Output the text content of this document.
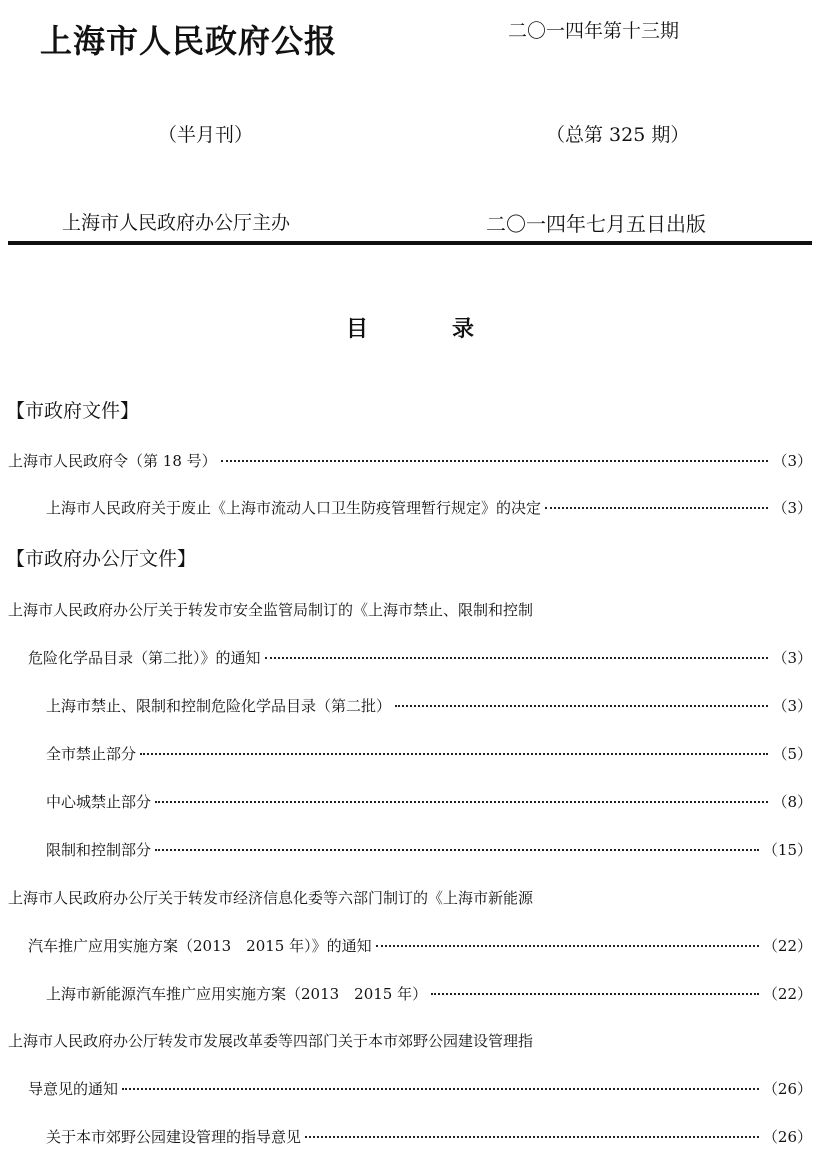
上海市人民政府公报	二〇一四年第十三期
（半月刊）	（总第 325 期）
上海市人民政府办公厅主办	二〇一四年七月五日出版
目录
【市政府文件】
【市政府办公厅文件】
上海市人民政府令（第 18 号）	（3）
上海市人民政府关于废止《上海市流动人口卫生防疫管理暂行规定》的决定	（3）
上海市人民政府办公厅关于转发市安全监管局制订的《上海市禁止、限制和控制
危险化学品目录（第二批）》的通知	（3）
上海市禁止、限制和控制危险化学品目录（第二批）	（3）
全市禁止部分	（5）
中心城禁止部分	（8）
限制和控制部分	（15）
上海市人民政府办公厅关于转发市经济信息化委等六部门制订的《上海市新能源
汽车推广应用实施方案（2013　2015 年）》的通知	（22）
上海市新能源汽车推广应用实施方案（2013　2015 年）	（22）
上海市人民政府办公厅转发市发展改革委等四部门关于本市郊野公园建设管理指
导意见的通知	（26）
关于本市郊野公园建设管理的指导意见	（26）
